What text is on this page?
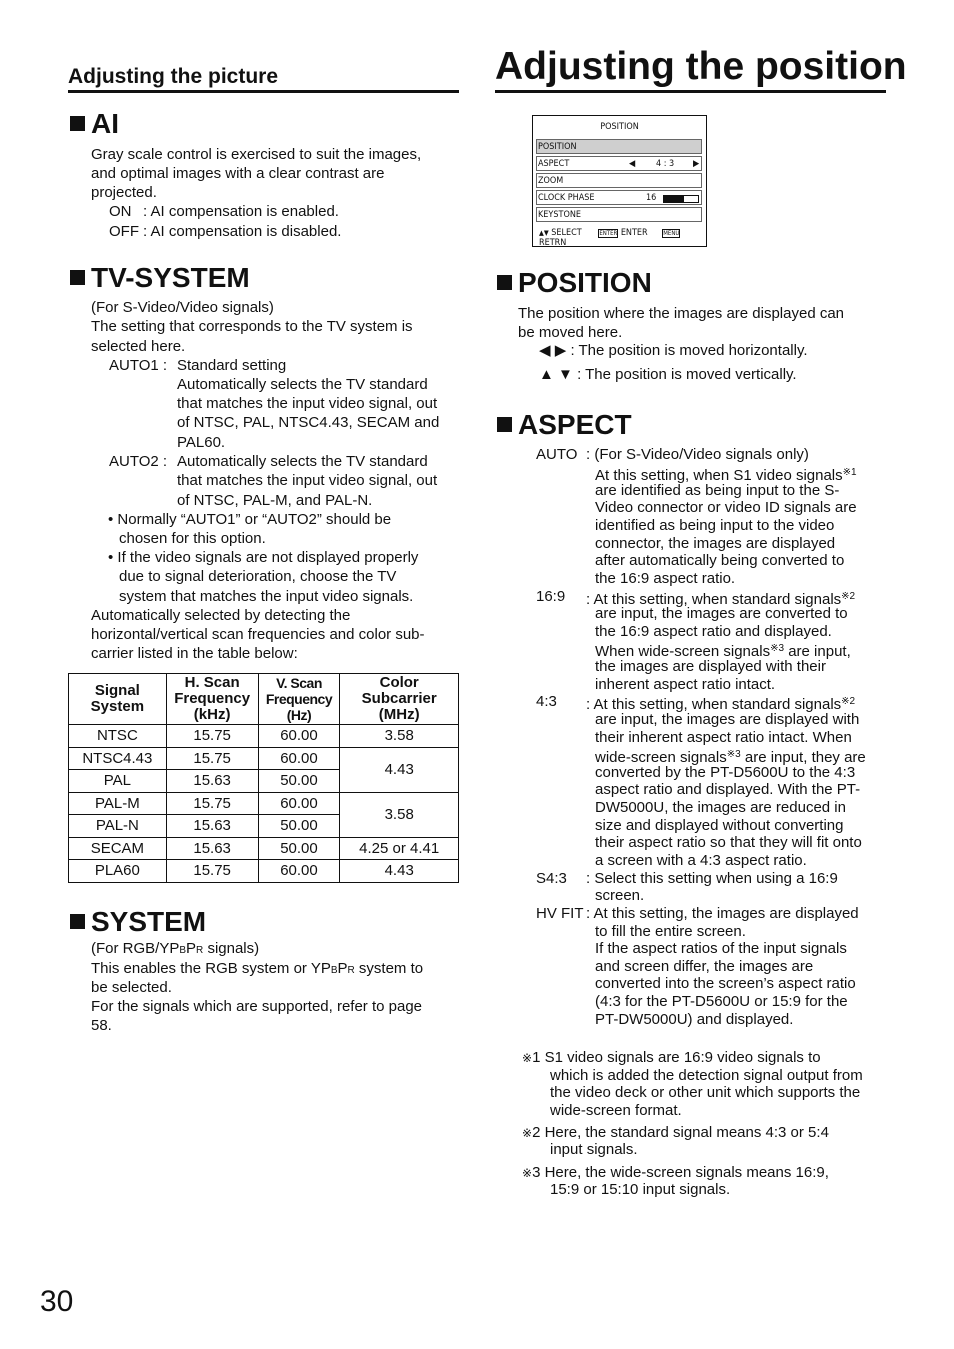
Adjusting the picture	Adjusting the position
AI
Gray scale control is exercised to suit the images,
and optimal images with a clear contrast are
projected.
ON : AI compensation is enabled.
OFF : AI compensation is disabled.
TV-SYSTEM
(For S-Video/Video signals)
The setting that corresponds to the TV system is
selected here.
AUTO1 : Standard setting
Automatically selects the TV standard
that matches the input video signal, out
of NTSC, PAL, NTSC4.43, SECAM and
PAL60.
AUTO2 : Automatically selects the TV standard
that matches the input video signal, out
of NTSC, PAL-M, and PAL-N.
• Normally “AUTO1” or “AUTO2” should be
chosen for this option.
• If the video signals are not displayed properly
due to signal deterioration, choose the TV
system that matches the input video signals.
Automatically selected by detecting the
horizontal/vertical scan frequencies and color sub-
carrier listed in the table below:
Signal
System	H. Scan
Frequency
(kHz)	V. Scan
Frequency
(Hz)	Color
Subcarrier
(MHz)
NTSC	15.75	60.00	3.58
NTSC4.43	15.75	60.00	4.43
PAL	15.63	50.00	
PAL-M	15.75	60.00	3.58
PAL-N	15.63	50.00	
SECAM	15.63	50.00	4.25 or 4.41
PLA60	15.75	60.00	4.43
SYSTEM
(For RGB/YPBPR signals)
This enables the RGB system or YPBPR system to
be selected.
For the signals which are supported, refer to page
58.
POSITION
POSITION
ASPECT	◀ 4 : 3 ▶
ZOOM
CLOCK PHASE	16
KEYSTONE
▲▼ SELECT	ENTER ENTER	MENU RETRN
POSITION
The position where the images are displayed can
be moved here.
◀ ▶ : The position is moved horizontally.
▲ ▼ : The position is moved vertically.
ASPECT
AUTO : (For S-Video/Video signals only)
At this setting, when S1 video signals$^{※1}$
are identified as being input to the S-
Video connector or video ID signals are
identified as being input to the video
connector, the images are displayed
after automatically being converted to
the 16:9 aspect ratio.
16:9 : At this setting, when standard signals$^{※2}$
are input, the images are converted to
the 16:9 aspect ratio and displayed.
When wide-screen signals$^{※3}$ are input,
the images are displayed with their
inherent aspect ratio intact.
4:3 : At this setting, when standard signals$^{※2}$
are input, the images are displayed with
their inherent aspect ratio intact. When
wide-screen signals$^{※3}$ are input, they are
converted by the PT-D5600U to the 4:3
aspect ratio and displayed. With the PT-
DW5000U, the images are reduced in
size and displayed without converting
their aspect ratio so that they will fit onto
a screen with a 4:3 aspect ratio.
S4:3 : Select this setting when using a 16:9
screen.
HV FIT : At this setting, the images are displayed
to fill the entire screen.
If the aspect ratios of the input signals
and screen differ, the images are
converted into the screen’s aspect ratio
(4:3 for the PT-D5600U or 15:9 for the
PT-DW5000U) and displayed.
※1 S1 video signals are 16:9 video signals to
which is added the detection signal output from
the video deck or other unit which supports the
wide-screen format.
※2 Here, the standard signal means 4:3 or 5:4
input signals.
※3 Here, the wide-screen signals means 16:9,
15:9 or 15:10 input signals.
30
